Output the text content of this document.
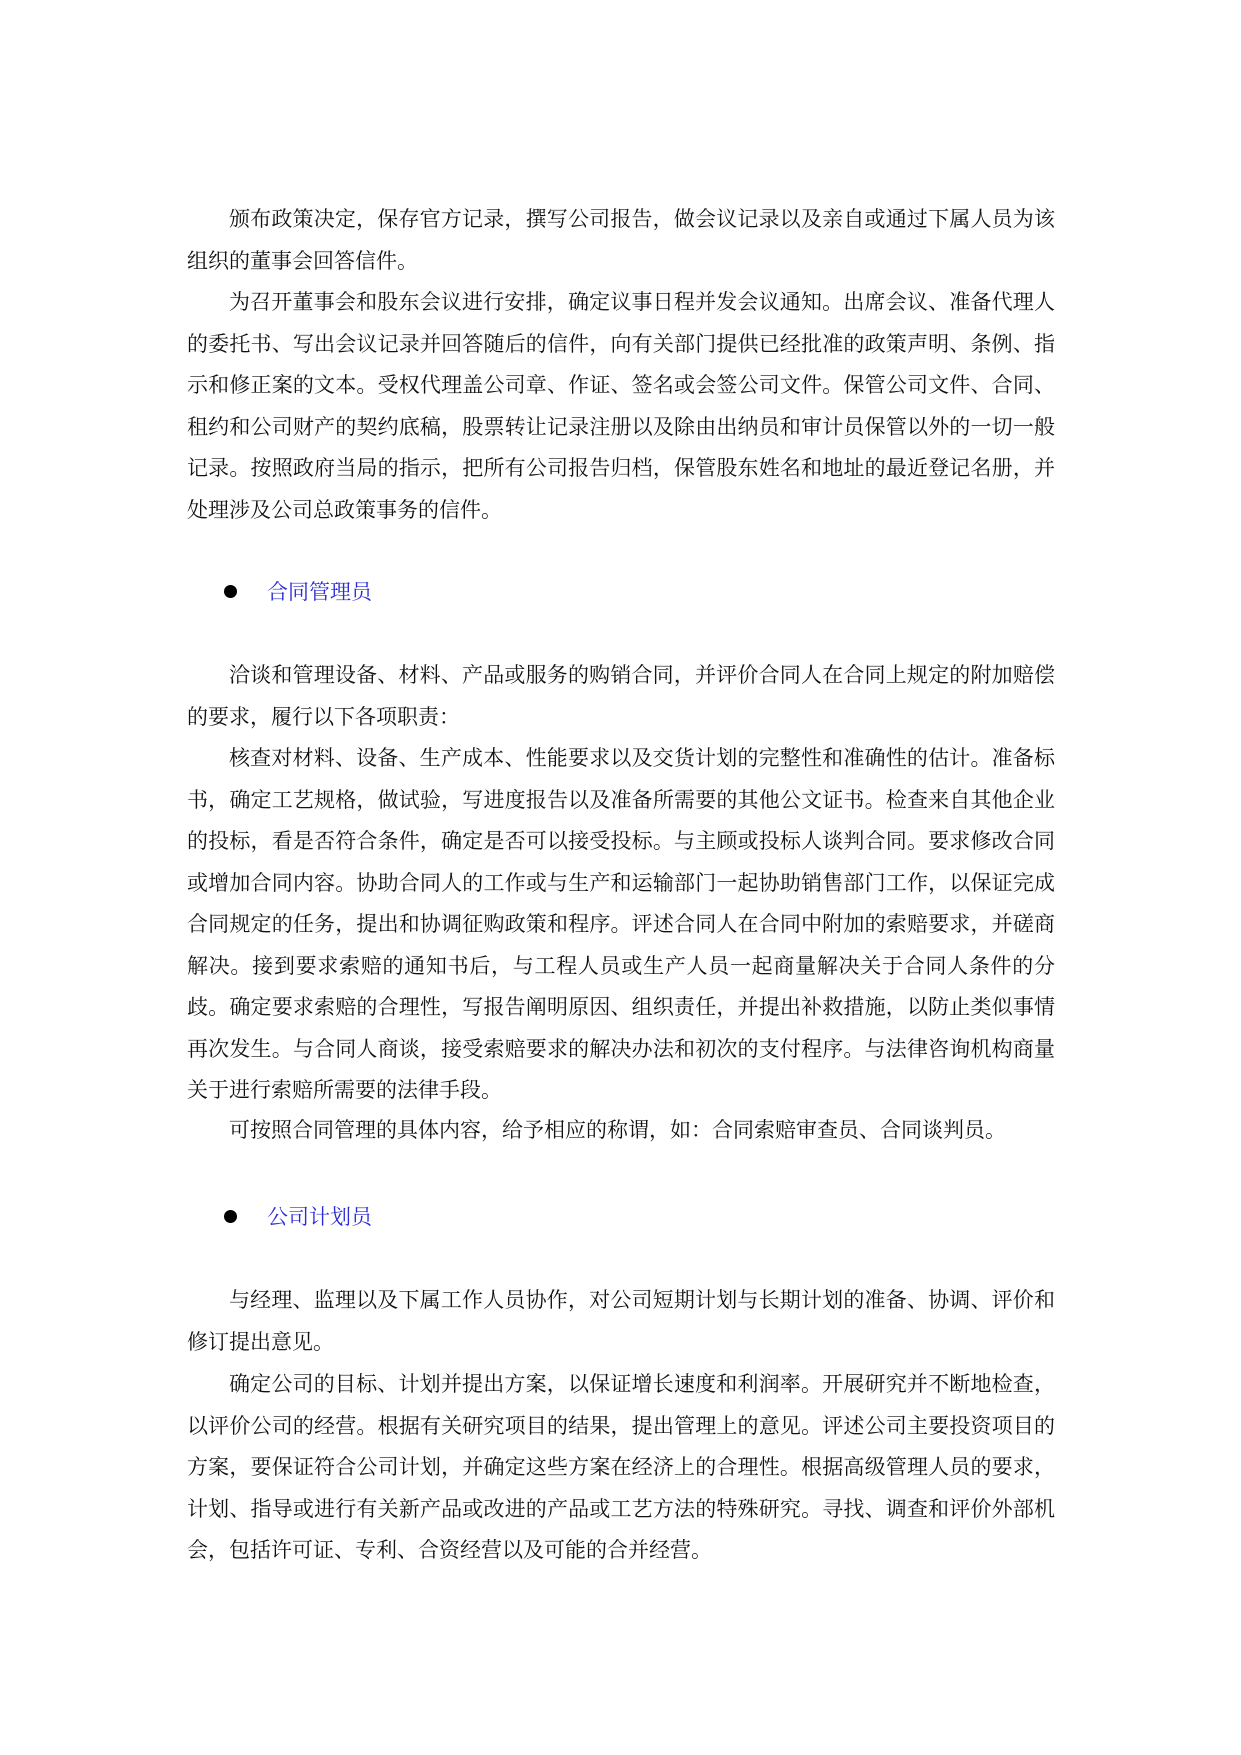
颁布政策决定，保存官方记录，撰写公司报告，做会议记录以及亲自或通过下属人员为该组织的董事会回答信件。

为召开董事会和股东会议进行安排，确定议事日程并发会议通知。出席会议、准备代理人的委托书、写出会议记录并回答随后的信件，向有关部门提供已经批准的政策声明、条例、指示和修正案的文本。受权代理盖公司章、作证、签名或会签公司文件。保管公司文件、合同、租约和公司财产的契约底稿，股票转让记录注册以及除由出纳员和审计员保管以外的一切一般记录。按照政府当局的指示，把所有公司报告归档，保管股东姓名和地址的最近登记名册，并处理涉及公司总政策事务的信件。

合同管理员

洽谈和管理设备、材料、产品或服务的购销合同，并评价合同人在合同上规定的附加赔偿的要求，履行以下各项职责：

核查对材料、设备、生产成本、性能要求以及交货计划的完整性和准确性的估计。准备标书，确定工艺规格，做试验，写进度报告以及准备所需要的其他公文证书。检查来自其他企业的投标，看是否符合条件，确定是否可以接受投标。与主顾或投标人谈判合同。要求修改合同或增加合同内容。协助合同人的工作或与生产和运输部门一起协助销售部门工作，以保证完成合同规定的任务，提出和协调征购政策和程序。评述合同人在合同中附加的索赔要求，并磋商解决。接到要求索赔的通知书后，与工程人员或生产人员一起商量解决关于合同人条件的分歧。确定要求索赔的合理性，写报告阐明原因、组织责任，并提出补救措施，以防止类似事情再次发生。与合同人商谈，接受索赔要求的解决办法和初次的支付程序。与法律咨询机构商量关于进行索赔所需要的法律手段。

可按照合同管理的具体内容，给予相应的称谓，如：合同索赔审查员、合同谈判员。

公司计划员

与经理、监理以及下属工作人员协作，对公司短期计划与长期计划的准备、协调、评价和修订提出意见。

确定公司的目标、计划并提出方案，以保证增长速度和利润率。开展研究并不断地检查，以评价公司的经营。根据有关研究项目的结果，提出管理上的意见。评述公司主要投资项目的方案，要保证符合公司计划，并确定这些方案在经济上的合理性。根据高级管理人员的要求，计划、指导或进行有关新产品或改进的产品或工艺方法的特殊研究。寻找、调查和评价外部机会，包括许可证、专利、合资经营以及可能的合并经营。
